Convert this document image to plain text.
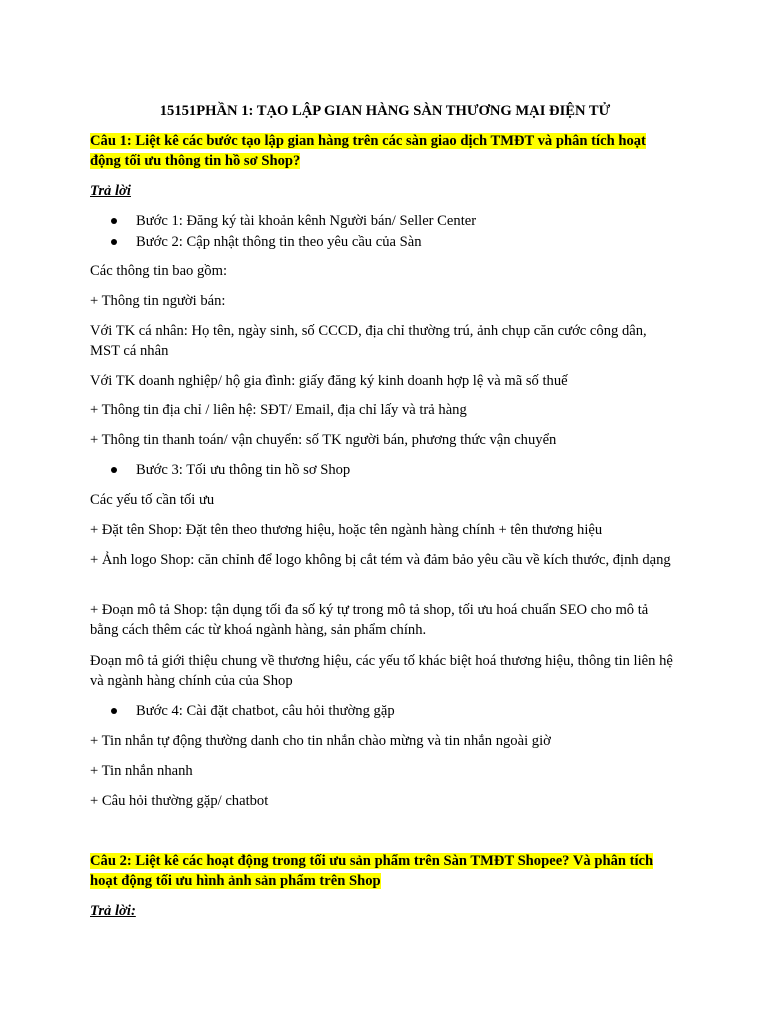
15151PHẦN 1: TẠO LẬP GIAN HÀNG SÀN THƯƠNG MẠI ĐIỆN TỬ

Câu 1: Liệt kê các bước tạo lập gian hàng trên các sàn giao dịch TMĐT và phân tích hoạt động tối ưu thông tin hồ sơ Shop?

Trả lời

Bước 1: Đăng ký tài khoản kênh Người bán/ Seller Center
Bước 2: Cập nhật thông tin theo yêu cầu của Sàn

Các thông tin bao gồm:

+ Thông tin người bán:

Với TK cá nhân: Họ tên, ngày sinh, số CCCD, địa chỉ thường trú, ảnh chụp căn cước công dân, MST cá nhân

Với TK doanh nghiệp/ hộ gia đình: giấy đăng ký kinh doanh hợp lệ và mã số thuế

+ Thông tin địa chỉ / liên hệ: SĐT/ Email, địa chỉ lấy và trả hàng

+ Thông tin thanh toán/ vận chuyển: số TK người bán, phương thức vận chuyển

Bước 3: Tối ưu thông tin hồ sơ Shop

Các yếu tố cần tối ưu

+ Đặt tên Shop: Đặt tên theo thương hiệu, hoặc tên ngành hàng chính + tên thương hiệu

+ Ảnh logo Shop: căn chỉnh để logo không bị cắt tém và đảm bảo yêu cầu về kích thước, định dạng

+ Đoạn mô tả Shop: tận dụng tối đa số ký tự trong mô tả shop, tối ưu hoá chuẩn SEO cho mô tả bằng cách thêm các từ khoá ngành hàng, sản phẩm chính.

Đoạn mô tả giới thiệu chung về thương hiệu, các yếu tố khác biệt hoá thương hiệu, thông tin liên hệ và ngành hàng chính của của Shop

Bước 4: Cài đặt chatbot, câu hỏi thường gặp

+ Tin nhắn tự động thường danh cho tin nhắn chào mừng và tin nhắn ngoài giờ

+ Tin nhắn nhanh

+ Câu hỏi thường gặp/ chatbot

Câu 2: Liệt kê các hoạt động trong tối ưu sản phẩm trên Sàn TMĐT Shopee? Và phân tích hoạt động tối ưu hình ảnh sản phẩm trên Shop

Trả lời:
